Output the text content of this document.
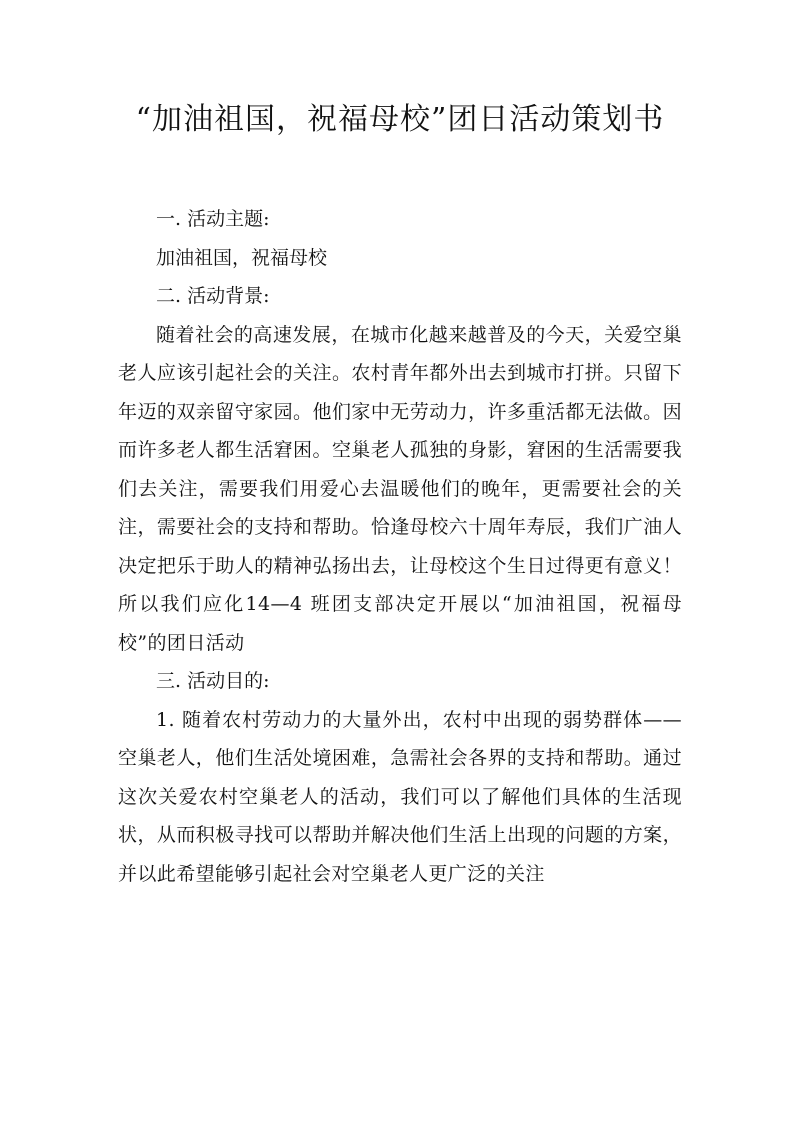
“加油祖国，祝福母校”团日活动策划书

一. 活动主题:

加油祖国，祝福母校

二. 活动背景:

随着社会的高速发展，在城市化越来越普及的今天，关爱空巢老人应该引起社会的关注。农村青年都外出去到城市打拼。只留下年迈的双亲留守家园。他们家中无劳动力，许多重活都无法做。因而许多老人都生活窘困。空巢老人孤独的身影，窘困的生活需要我们去关注，需要我们用爱心去温暖他们的晚年，更需要社会的关注，需要社会的支持和帮助。恰逢母校六十周年寿辰，我们广油人决定把乐于助人的精神弘扬出去，让母校这个生日过得更有意义！所以我们应化14—4 班团支部决定开展以“加油祖国，祝福母校”的团日活动

三. 活动目的:

1. 随着农村劳动力的大量外出，农村中出现的弱势群体——空巢老人，他们生活处境困难，急需社会各界的支持和帮助。通过这次关爱农村空巢老人的活动，我们可以了解他们具体的生活现状，从而积极寻找可以帮助并解决他们生活上出现的问题的方案，并以此希望能够引起社会对空巢老人更广泛的关注
